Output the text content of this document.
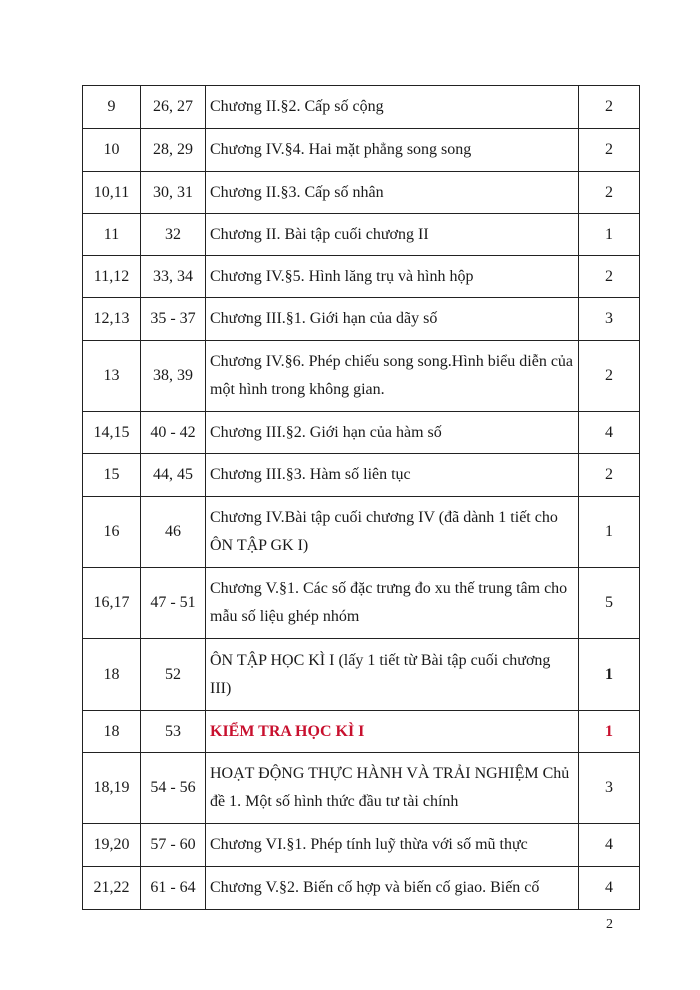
9	26, 27	Chương II.§2. Cấp số cộng	2
10	28, 29	Chương IV.§4. Hai mặt phẳng song song	2
10,11	30, 31	Chương II.§3. Cấp số nhân	2
11	32	Chương II. Bài tập cuối chương II	1
11,12	33, 34	Chương IV.§5. Hình lăng trụ và hình hộp	2
12,13	35 - 37	Chương III.§1. Giới hạn của dãy số	3
13	38, 39	Chương IV.§6. Phép chiếu song song.Hình biểu diễn của một hình trong không gian.	2
14,15	40 - 42	Chương III.§2. Giới hạn của hàm số	4
15	44, 45	Chương III.§3. Hàm số liên tục	2
16	46	Chương IV.Bài tập cuối chương IV (đã dành 1 tiết cho ÔN TẬP GK I)	1
16,17	47 - 51	Chương V.§1. Các số đặc trưng đo xu thế trung tâm cho mẫu số liệu ghép nhóm	5
18	52	ÔN TẬP HỌC KÌ I (lấy 1 tiết từ Bài tập cuối chương III)	1
18	53	KIỂM TRA HỌC KÌ I	1
18,19	54 - 56	HOẠT ĐỘNG THỰC HÀNH VÀ TRẢI NGHIỆM Chủ đề 1. Một số hình thức đầu tư tài chính	3
19,20	57 - 60	Chương VI.§1. Phép tính luỹ thừa với số mũ thực	4
21,22	61 - 64	Chương V.§2. Biến cố hợp và biến cố giao. Biến cố	4
2
